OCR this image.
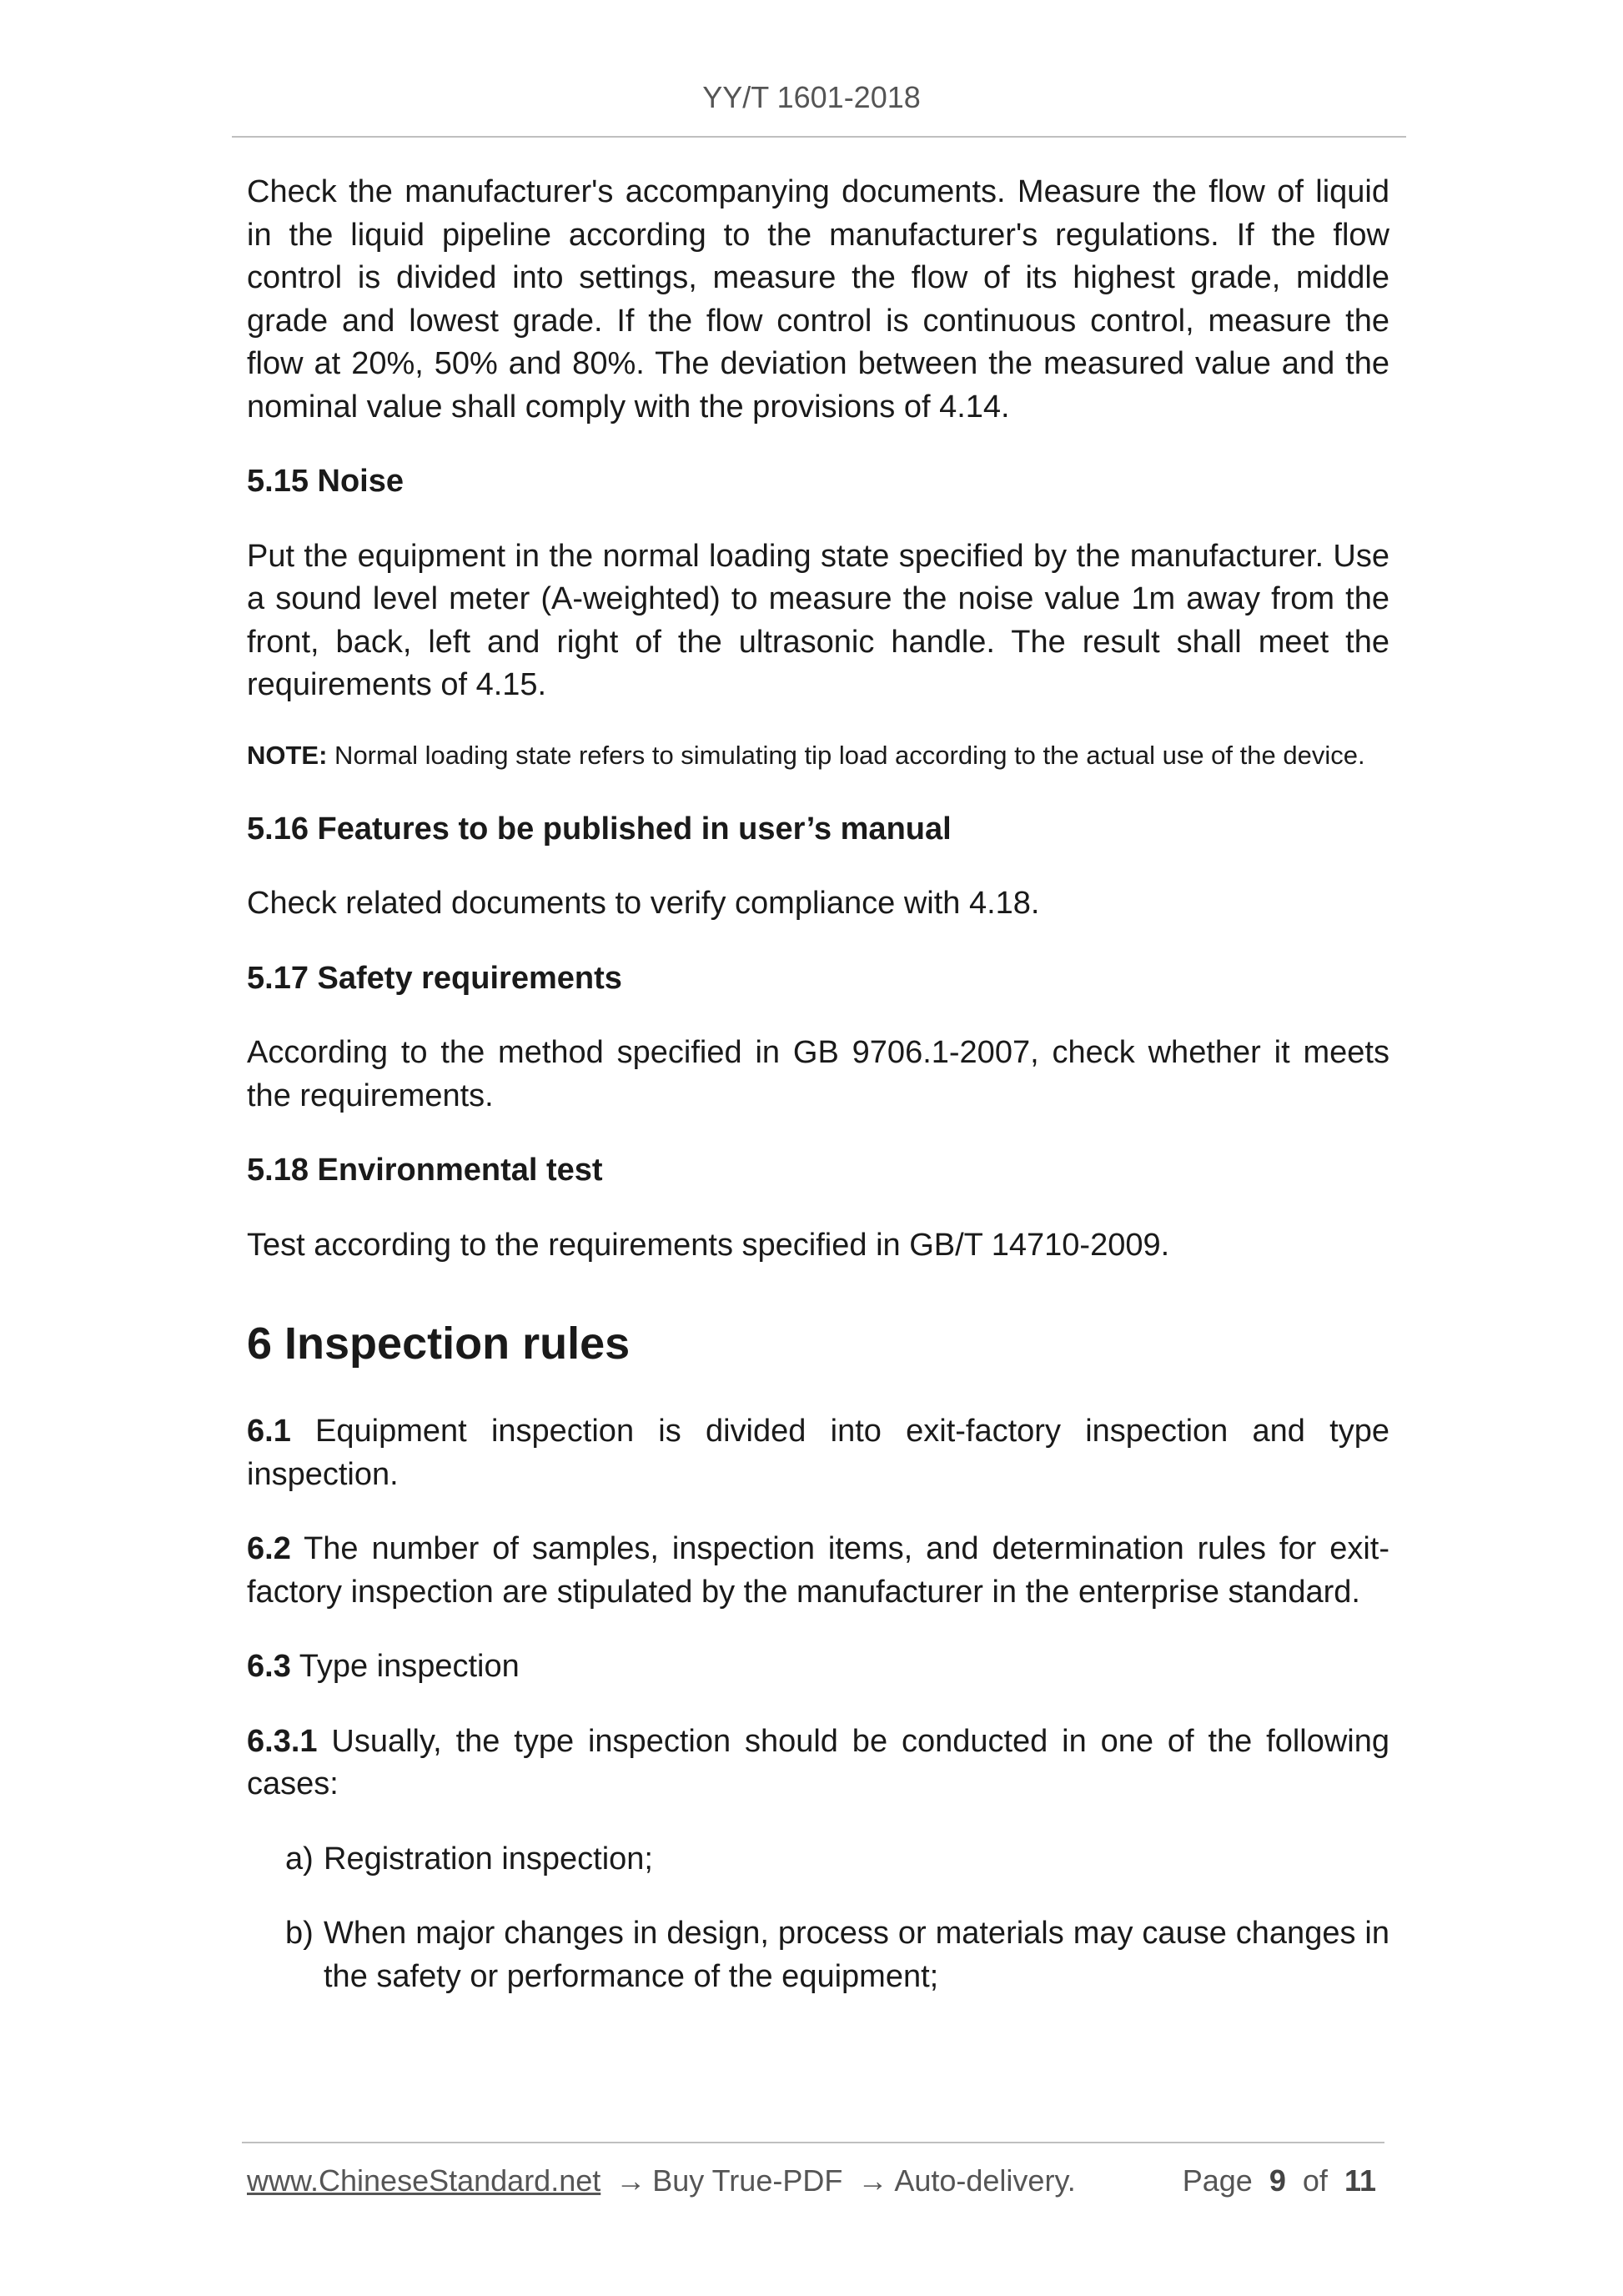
YY/T 1601-2018

Check the manufacturer's accompanying documents. Measure the flow of liquid in the liquid pipeline according to the manufacturer's regulations. If the flow control is divided into settings, measure the flow of its highest grade, middle grade and lowest grade. If the flow control is continuous control, measure the flow at 20%, 50% and 80%. The deviation between the measured value and the nominal value shall comply with the provisions of 4.14.

5.15 Noise

Put the equipment in the normal loading state specified by the manufacturer. Use a sound level meter (A-weighted) to measure the noise value 1m away from the front, back, left and right of the ultrasonic handle. The result shall meet the requirements of 4.15.

NOTE: Normal loading state refers to simulating tip load according to the actual use of the device.

5.16 Features to be published in user’s manual

Check related documents to verify compliance with 4.18.

5.17 Safety requirements

According to the method specified in GB 9706.1-2007, check whether it meets the requirements.

5.18 Environmental test

Test according to the requirements specified in GB/T 14710-2009.

6 Inspection rules

6.1 Equipment inspection is divided into exit-factory inspection and type inspection.

6.2 The number of samples, inspection items, and determination rules for exit-factory inspection are stipulated by the manufacturer in the enterprise standard.

6.3 Type inspection

6.3.1 Usually, the type inspection should be conducted in one of the following cases:

a) Registration inspection;
b) When major changes in design, process or materials may cause changes in the safety or performance of the equipment;
www.ChineseStandard.net → Buy True-PDF → Auto-delivery.	Page 9 of 11
